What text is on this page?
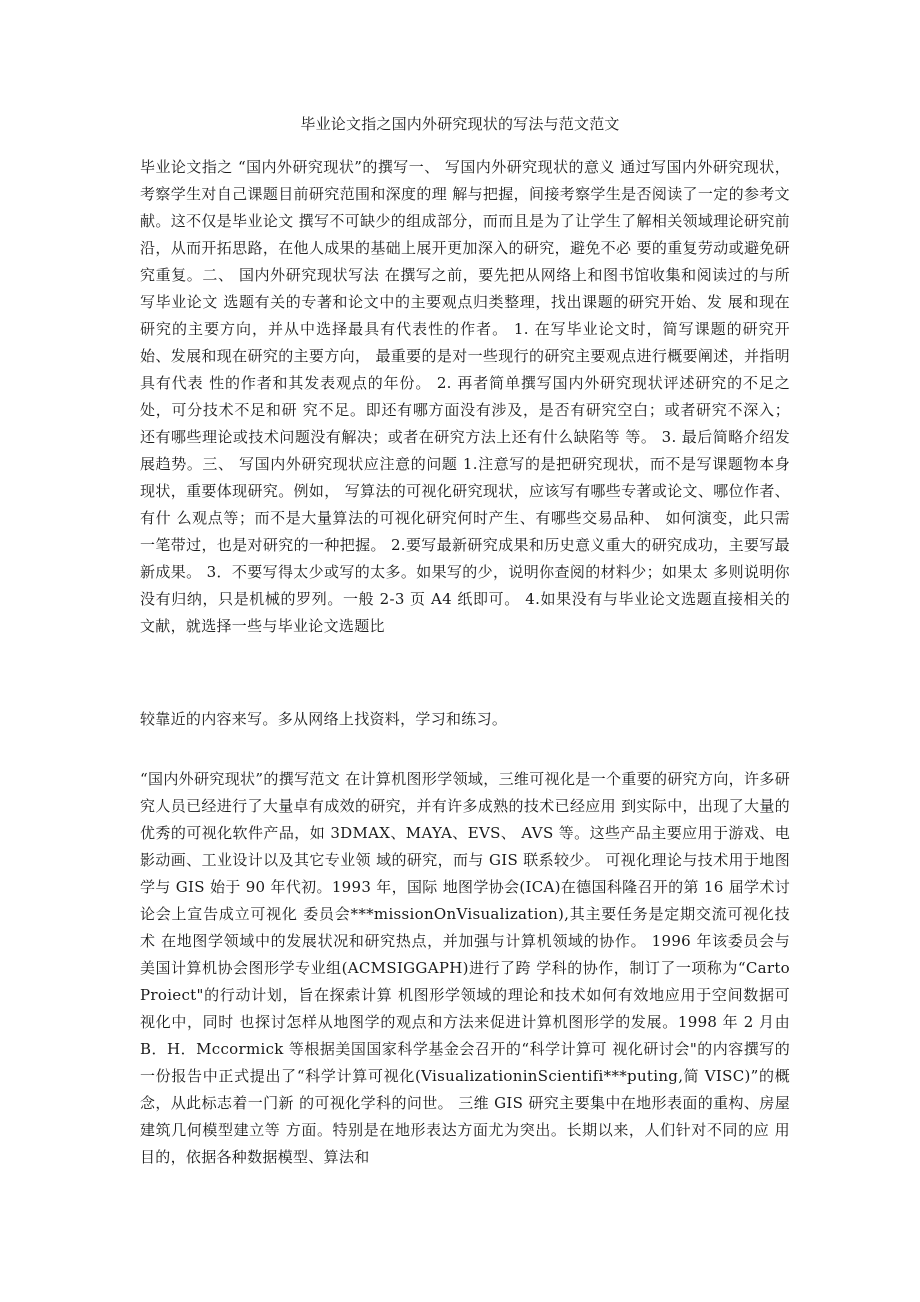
毕业论文指之国内外研究现状的写法与范文范文

毕业论文指之 “国内外研究现状”的撰写一、 写国内外研究现状的意义 通过写国内外研究现状，考察学生对自己课题目前研究范围和深度的理 解与把握，间接考察学生是否阅读了一定的参考文献。这不仅是毕业论文 撰写不可缺少的组成部分，而而且是为了让学生了解相关领域理论研究前 沿，从而开拓思路，在他人成果的基础上展开更加深入的研究，避免不必 要的重复劳动或避免研究重复。二、 国内外研究现状写法 在撰写之前，要先把从网络上和图书馆收集和阅读过的与所写毕业论文 选题有关的专著和论文中的主要观点归类整理，找出课题的研究开始、发 展和现在研究的主要方向，并从中选择最具有代表性的作者。 1. 在写毕业论文时，简写课题的研究开始、发展和现在研究的主要方向， 最重要的是对一些现行的研究主要观点进行概要阐述，并指明具有代表 性的作者和其发表观点的年份。 2. 再者简单撰写国内外研究现状评述研究的不足之处，可分技术不足和研 究不足。即还有哪方面没有涉及，是否有研究空白；或者研究不深入； 还有哪些理论或技术问题没有解决；或者在研究方法上还有什么缺陷等 等。 3. 最后简略介绍发展趋势。三、 写国内外研究现状应注意的问题 1.注意写的是把研究现状，而不是写课题物本身现状，重要体现研究。例如， 写算法的可视化研究现状，应该写有哪些专著或论文、哪位作者、有什 么观点等；而不是大量算法的可视化研究何时产生、有哪些交易品种、 如何演变，此只需一笔带过，也是对研究的一种把握。 2.要写最新研究成果和历史意义重大的研究成功，主要写最新成果。 3．不要写得太少或写的太多。如果写的少，说明你查阅的材料少；如果太 多则说明你没有归纳，只是机械的罗列。一般 2-3 页 A4 纸即可。 4.如果没有与毕业论文选题直接相关的文献，就选择一些与毕业论文选题比

较靠近的内容来写。多从网络上找资料，学习和练习。

“国内外研究现状”的撰写范文 在计算机图形学领域，三维可视化是一个重要的研究方向，许多研 究人员已经进行了大量卓有成效的研究，并有许多成熟的技术已经应用 到实际中，出现了大量的优秀的可视化软件产品，如 3DMAX、MAYA、EVS、 AVS 等。这些产品主要应用于游戏、电影动画、工业设计以及其它专业领 域的研究，而与 GIS 联系较少。 可视化理论与技术用于地图学与 GIS 始于 90 年代初。1993 年，国际 地图学协会(ICA)在德国科隆召开的第 16 届学术讨论会上宣告成立可视化 委员会***missionOnVisualization),其主要任务是定期交流可视化技术 在地图学领域中的发展状况和研究热点，并加强与计算机领域的协作。 1996 年该委员会与美国计算机协会图形学专业组(ACMSIGGAPH)进行了跨 学科的协作，制订了一项称为“CartoProiect"的行动计划，旨在探索计算 机图形学领域的理论和技术如何有效地应用于空间数据可视化中，同时 也探讨怎样从地图学的观点和方法来促进计算机图形学的发展。1998 年 2 月由 B．H．Mccormick 等根据美国国家科学基金会召开的“科学计算可 视化研讨会"的内容撰写的一份报告中正式提出了“科学计算可视化(VisualizationinScientifi***puting,简 VISC)”的概念，从此标志着一门新 的可视化学科的问世。 三维 GIS 研究主要集中在地形表面的重构、房屋建筑几何模型建立等 方面。特别是在地形表达方面尤为突出。长期以来，人们针对不同的应 用目的，依据各种数据模型、算法和
